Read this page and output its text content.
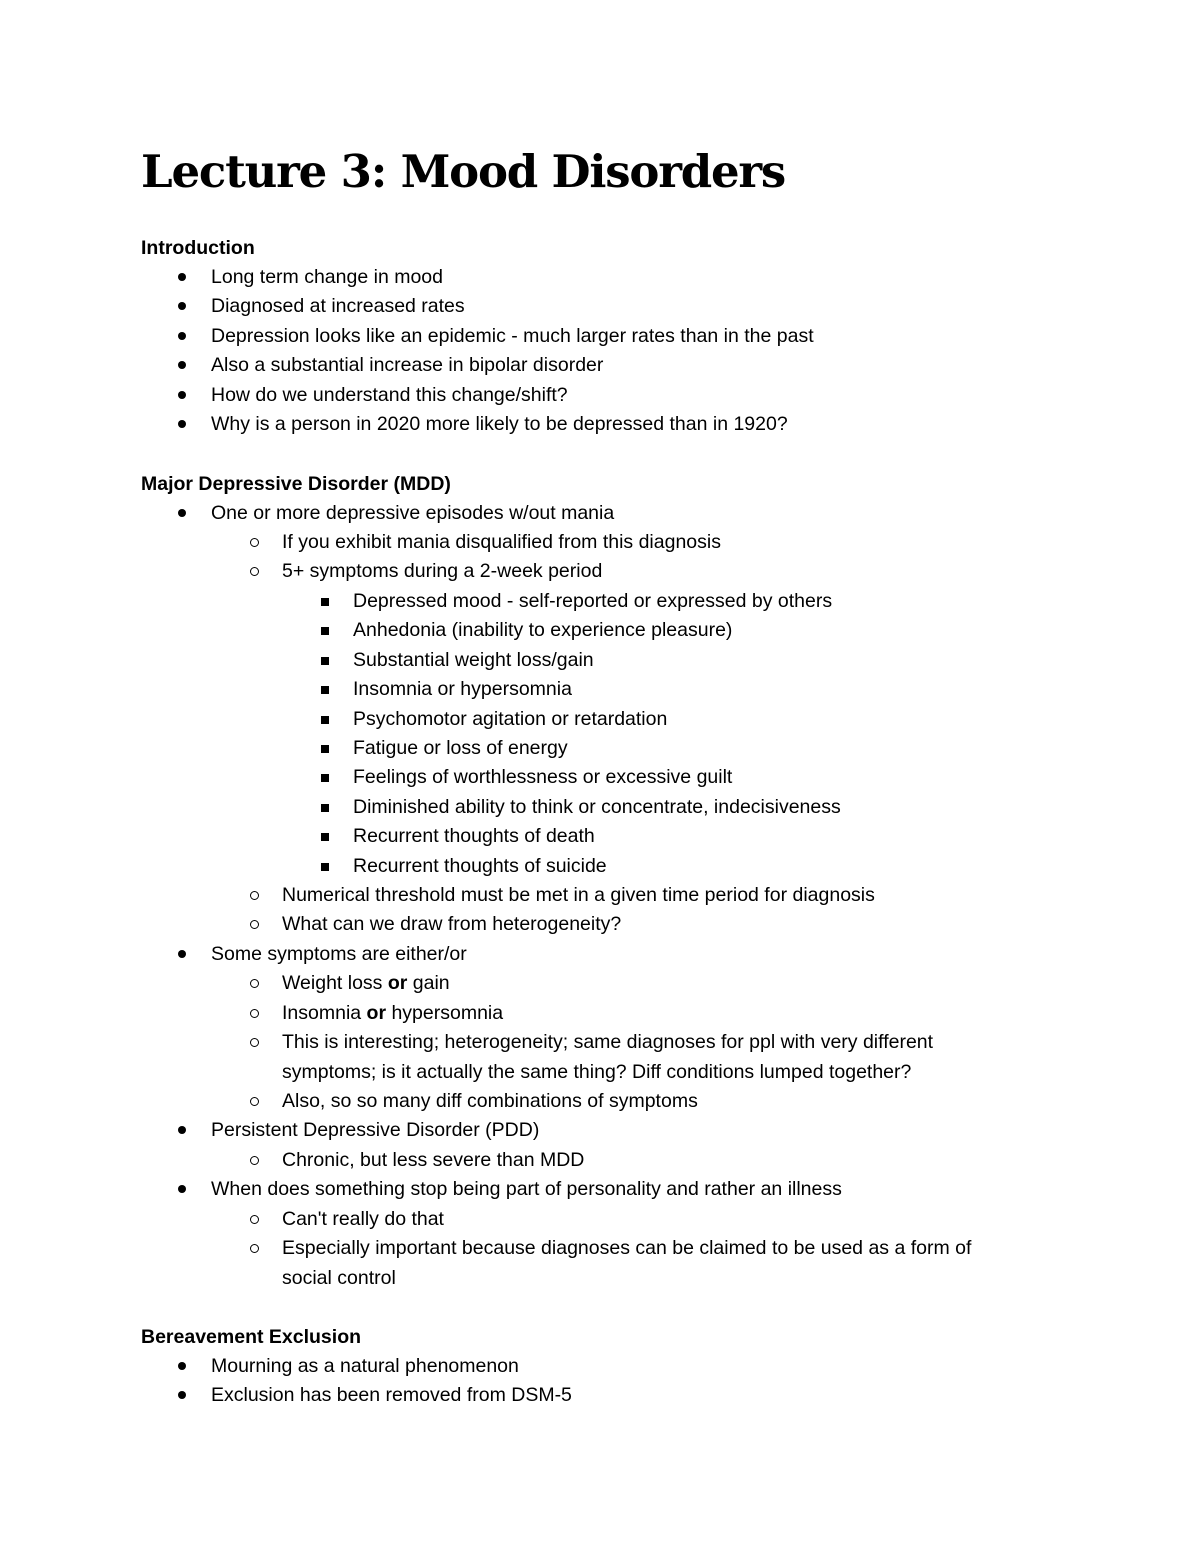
Lecture 3: Mood Disorders
Introduction
Long term change in mood
Diagnosed at increased rates
Depression looks like an epidemic - much larger rates than in the past
Also a substantial increase in bipolar disorder
How do we understand this change/shift?
Why is a person in 2020 more likely to be depressed than in 1920?
Major Depressive Disorder (MDD)
One or more depressive episodes w/out mania
If you exhibit mania disqualified from this diagnosis
5+ symptoms during a 2-week period
Depressed mood - self-reported or expressed by others
Anhedonia (inability to experience pleasure)
Substantial weight loss/gain
Insomnia or hypersomnia
Psychomotor agitation or retardation
Fatigue or loss of energy
Feelings of worthlessness or excessive guilt
Diminished ability to think or concentrate, indecisiveness
Recurrent thoughts of death
Recurrent thoughts of suicide
Numerical threshold must be met in a given time period for diagnosis
What can we draw from heterogeneity?
Some symptoms are either/or
Weight loss or gain
Insomnia or hypersomnia
This is interesting; heterogeneity; same diagnoses for ppl with very different
symptoms; is it actually the same thing? Diff conditions lumped together?
Also, so so many diff combinations of symptoms
Persistent Depressive Disorder (PDD)
Chronic, but less severe than MDD
When does something stop being part of personality and rather an illness
Can't really do that
Especially important because diagnoses can be claimed to be used as a form of
social control
Bereavement Exclusion
Mourning as a natural phenomenon
Exclusion has been removed from DSM-5
